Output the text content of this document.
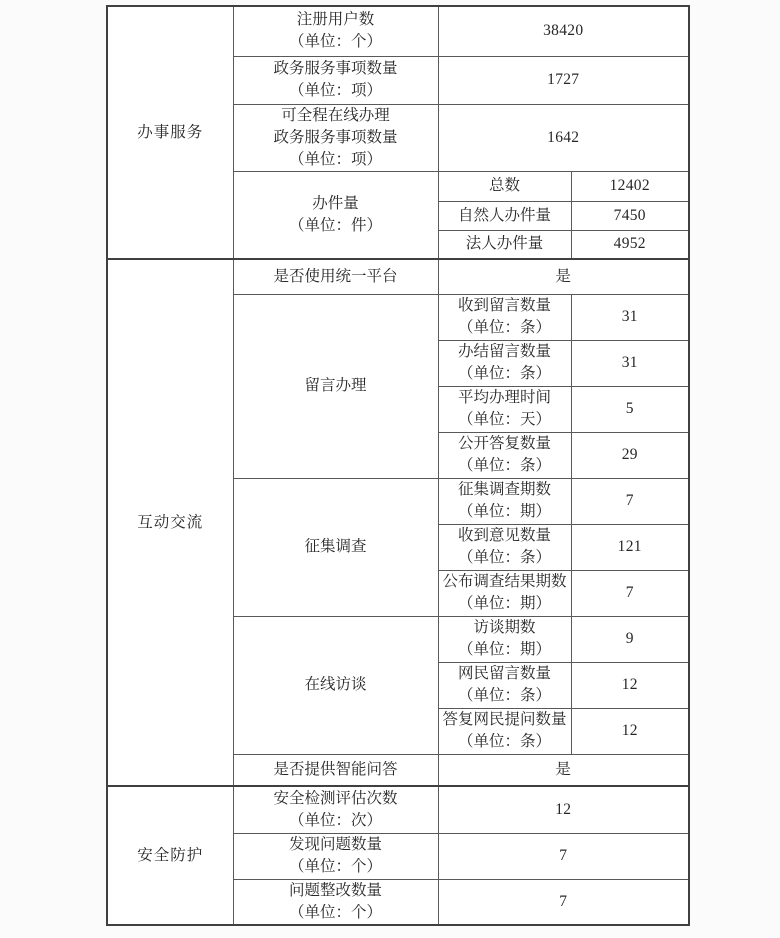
办事服务	注册用户数
（单位：个）	38420	

	政务服务事项数量
（单位：项）	1727	

	可全程在线办理
政务服务事项数量
（单位：项）	1642	

	办件量
（单位：件）	总数	12402

		自然人办件量	7450

		法人办件量	4952

互动交流	是否使用统一平台	是	

	留言办理	收到留言数量
（单位：条）	31

		办结留言数量
（单位：条）	31

		平均办理时间
（单位：天）	5

		公开答复数量
（单位：条）	29

	征集调查	征集调查期数
（单位：期）	7

		收到意见数量
（单位：条）	121

		公布调查结果期数
（单位：期）	7

	在线访谈	访谈期数
（单位：期）	9

		网民留言数量
（单位：条）	12

		答复网民提问数量
（单位：条）	12

	是否提供智能问答	是	

安全防护	安全检测评估次数
（单位：次）	12	

	发现问题数量
（单位：个）	7	

	问题整改数量
（单位：个）	7	
